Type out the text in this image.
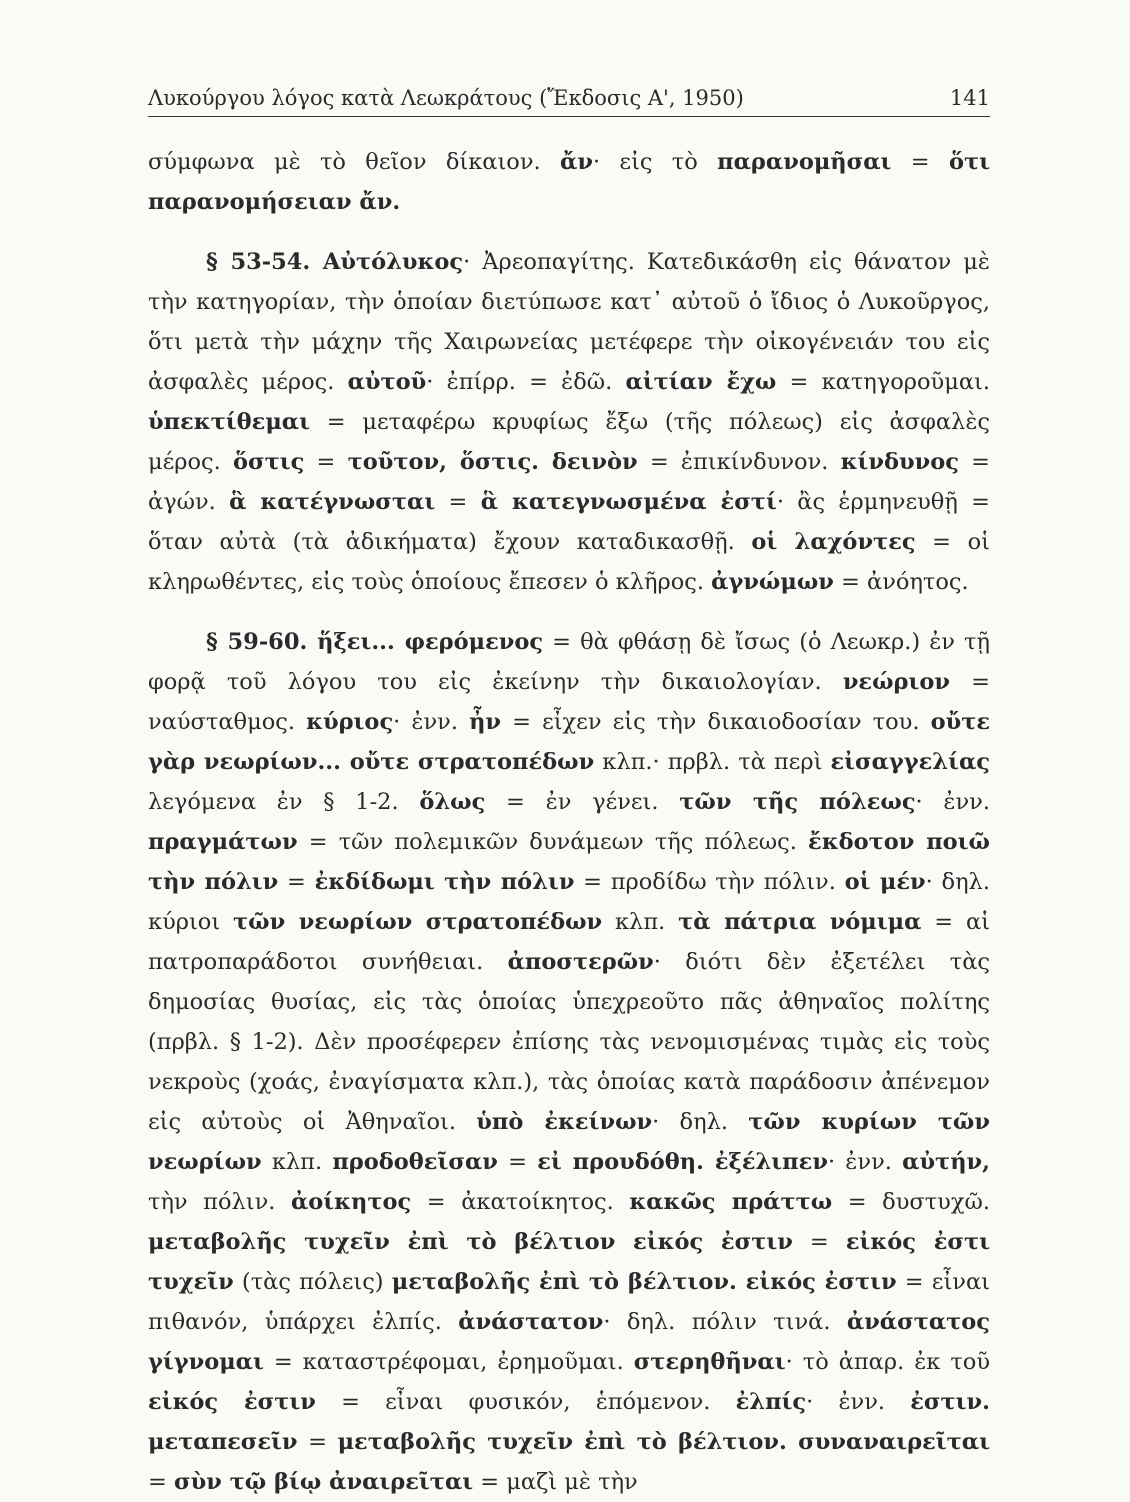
Λυκούργου λόγος κατὰ Λεωκράτους (Ἔκδοσις Α', 1950)	141

σύμφωνα μὲ τὸ θεῖον δίκαιον. ἄν· εἰς τὸ παρανομῆσαι = ὅτι παρανομήσειαν ἄν.

§ 53-54. Αὐτόλυκος· Ἀρεοπαγίτης. Κατεδικάσθη εἰς θάνατον μὲ τὴν κατηγορίαν, τὴν ὁποίαν διετύπωσε κατ᾽ αὐτοῦ ὁ ἴδιος ὁ Λυκοῦργος, ὅτι μετὰ τὴν μάχην τῆς Χαιρωνείας μετέφερε τὴν οἰκογένειάν του εἰς ἀσφαλὲς μέρος. αὐτοῦ· ἐπίρρ. = ἐδῶ. αἰτίαν ἔχω = κατηγοροῦμαι. ὑπεκτίθεμαι = μεταφέρω κρυφίως ἔξω (τῆς πόλεως) εἰς ἀσφαλὲς μέρος. ὅστις = τοῦτον, ὅστις. δεινὸν = ἐπικίνδυνον. κίνδυνος = ἀγών. ἃ κατέγνωσται = ἃ κατεγνωσμένα ἐστί· ἂς ἑρμηνευθῇ = ὅταν αὐτὰ (τὰ ἀδικήματα) ἔχουν καταδικασθῇ. οἱ λαχόντες = οἱ κληρωθέντες, εἰς τοὺς ὁποίους ἔπεσεν ὁ κλῆρος. ἀγνώμων = ἀνόητος.

§ 59-60. ἥξει... φερόμενος = θὰ φθάσῃ δὲ ἴσως (ὁ Λεωκρ.) ἐν τῇ φορᾷ τοῦ λόγου του εἰς ἐκείνην τὴν δικαιολογίαν. νεώριον = ναύσταθμος. κύριος· ἐνν. ἦν = εἶχεν εἰς τὴν δικαιοδοσίαν του. οὔτε γὰρ νεωρίων... οὔτε στρατοπέδων κλπ.· πρβλ. τὰ περὶ εἰσαγγελίας λεγόμενα ἐν § 1-2. ὅλως = ἐν γένει. τῶν τῆς πόλεως· ἐνν. πραγμάτων = τῶν πολεμικῶν δυνάμεων τῆς πόλεως. ἔκδοτον ποιῶ τὴν πόλιν = ἐκδίδωμι τὴν πόλιν = προδίδω τὴν πόλιν. οἱ μέν· δηλ. κύριοι τῶν νεωρίων στρατοπέδων κλπ. τὰ πάτρια νόμιμα = αἱ πατροπαράδοτοι συνήθειαι. ἀποστερῶν· διότι δὲν ἐξετέλει τὰς δημοσίας θυσίας, εἰς τὰς ὁποίας ὑπεχρεοῦτο πᾶς ἀθηναῖος πολίτης (πρβλ. § 1-2). Δὲν προσέφερεν ἐπίσης τὰς νενομισμένας τιμὰς εἰς τοὺς νεκροὺς (χοάς, ἐναγίσματα κλπ.), τὰς ὁποίας κατὰ παράδοσιν ἀπένεμον εἰς αὐτοὺς οἱ Ἀθηναῖοι. ὑπὸ ἐκείνων· δηλ. τῶν κυρίων τῶν νεωρίων κλπ. προδοθεῖσαν = εἰ προυδόθη. ἐξέλιπεν· ἐνν. αὐτήν, τὴν πόλιν. ἀοίκητος = ἀκατοίκητος. κακῶς πράττω = δυστυχῶ. μεταβολῆς τυχεῖν ἐπὶ τὸ βέλτιον εἰκός ἐστιν = εἰκός ἐστι τυχεῖν (τὰς πόλεις) μεταβολῆς ἐπὶ τὸ βέλτιον. εἰκός ἐστιν = εἶναι πιθανόν, ὑπάρχει ἐλπίς. ἀνάστατον· δηλ. πόλιν τινά. ἀνάστατος γίγνομαι = καταστρέφομαι, ἐρημοῦμαι. στερηθῆναι· τὸ ἀπαρ. ἐκ τοῦ εἰκός ἐστιν = εἶναι φυσικόν, ἑπόμενον. ἐλπίς· ἐνν. ἐστιν. μεταπεσεῖν = μεταβολῆς τυχεῖν ἐπὶ τὸ βέλτιον. συναναιρεῖται = σὺν τῷ βίῳ ἀναιρεῖται = μαζὶ μὲ τὴν
